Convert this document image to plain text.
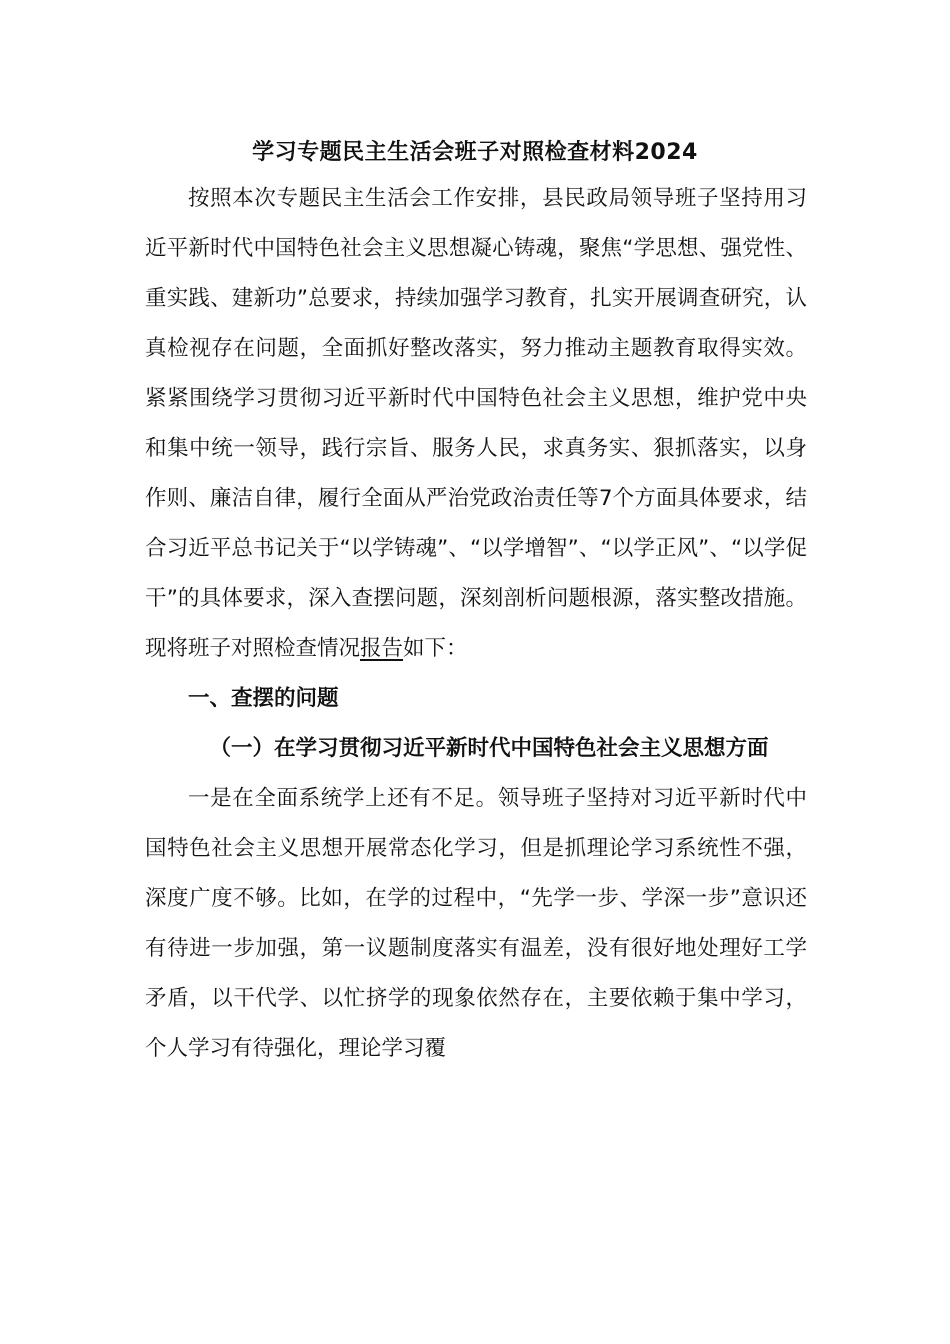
学习专题民主生活会班子对照检查材料2024

按照本次专题民主生活会工作安排，县民政局领导班子坚持用习近平新时代中国特色社会主义思想凝心铸魂，聚焦“学思想、强党性、重实践、建新功”总要求，持续加强学习教育，扎实开展调查研究，认真检视存在问题，全面抓好整改落实，努力推动主题教育取得实效。紧紧围绕学习贯彻习近平新时代中国特色社会主义思想，维护党中央和集中统一领导，践行宗旨、服务人民，求真务实、狠抓落实，以身作则、廉洁自律，履行全面从严治党政治责任等7个方面具体要求，结合习近平总书记关于“以学铸魂”、“以学增智”、“以学正风”、“以学促干”的具体要求，深入查摆问题，深刻剖析问题根源，落实整改措施。现将班子对照检查情况报告如下：

一、查摆的问题

（一）在学习贯彻习近平新时代中国特色社会主义思想方面

一是在全面系统学上还有不足。领导班子坚持对习近平新时代中国特色社会主义思想开展常态化学习，但是抓理论学习系统性不强，深度广度不够。比如，在学的过程中，“先学一步、学深一步”意识还有待进一步加强，第一议题制度落实有温差，没有很好地处理好工学矛盾，以干代学、以忙挤学的现象依然存在，主要依赖于集中学习，个人学习有待强化，理论学习覆
